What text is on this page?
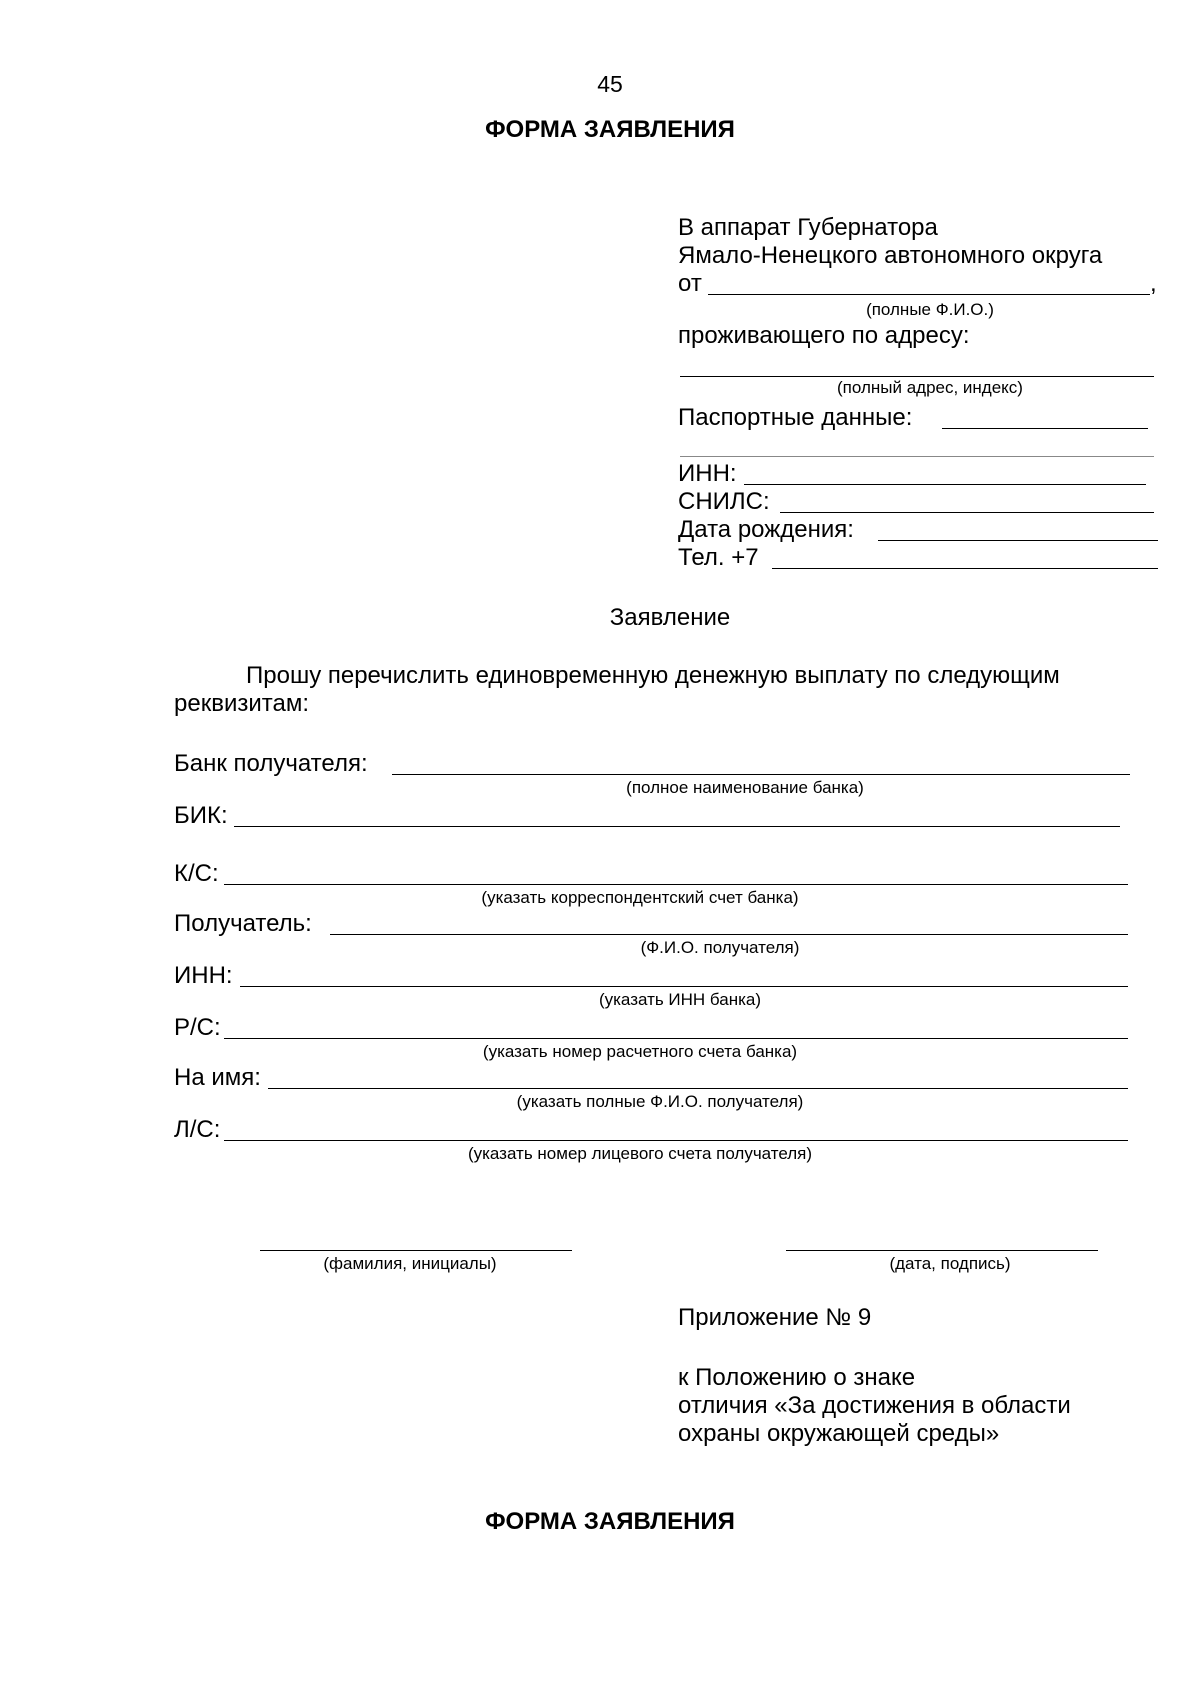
45
ФОРМА ЗАЯВЛЕНИЯ
В аппарат Губернатора
Ямало-Ненецкого автономного округа
от	,
(полные Ф.И.О.)
проживающего по адресу:
(полный адрес, индекс)
Паспортные данные:
ИНН:
СНИЛС:
Дата рождения:
Тел. +7
Заявление
Прошу перечислить единовременную денежную выплату по следующим
реквизитам:
Банк получателя:
(полное наименование банка)
БИК:
К/С:
(указать корреспондентский счет банка)
Получатель:
(Ф.И.О. получателя)
ИНН:
(указать ИНН банка)
Р/С:
(указать номер расчетного счета банка)
На имя:
(указать полные Ф.И.О. получателя)
Л/С:
(указать номер лицевого счета получателя)
(фамилия, инициалы)	(дата, подпись)
Приложение № 9
к Положению о знаке
отличия «За достижения в области
охраны окружающей среды»
ФОРМА ЗАЯВЛЕНИЯ
